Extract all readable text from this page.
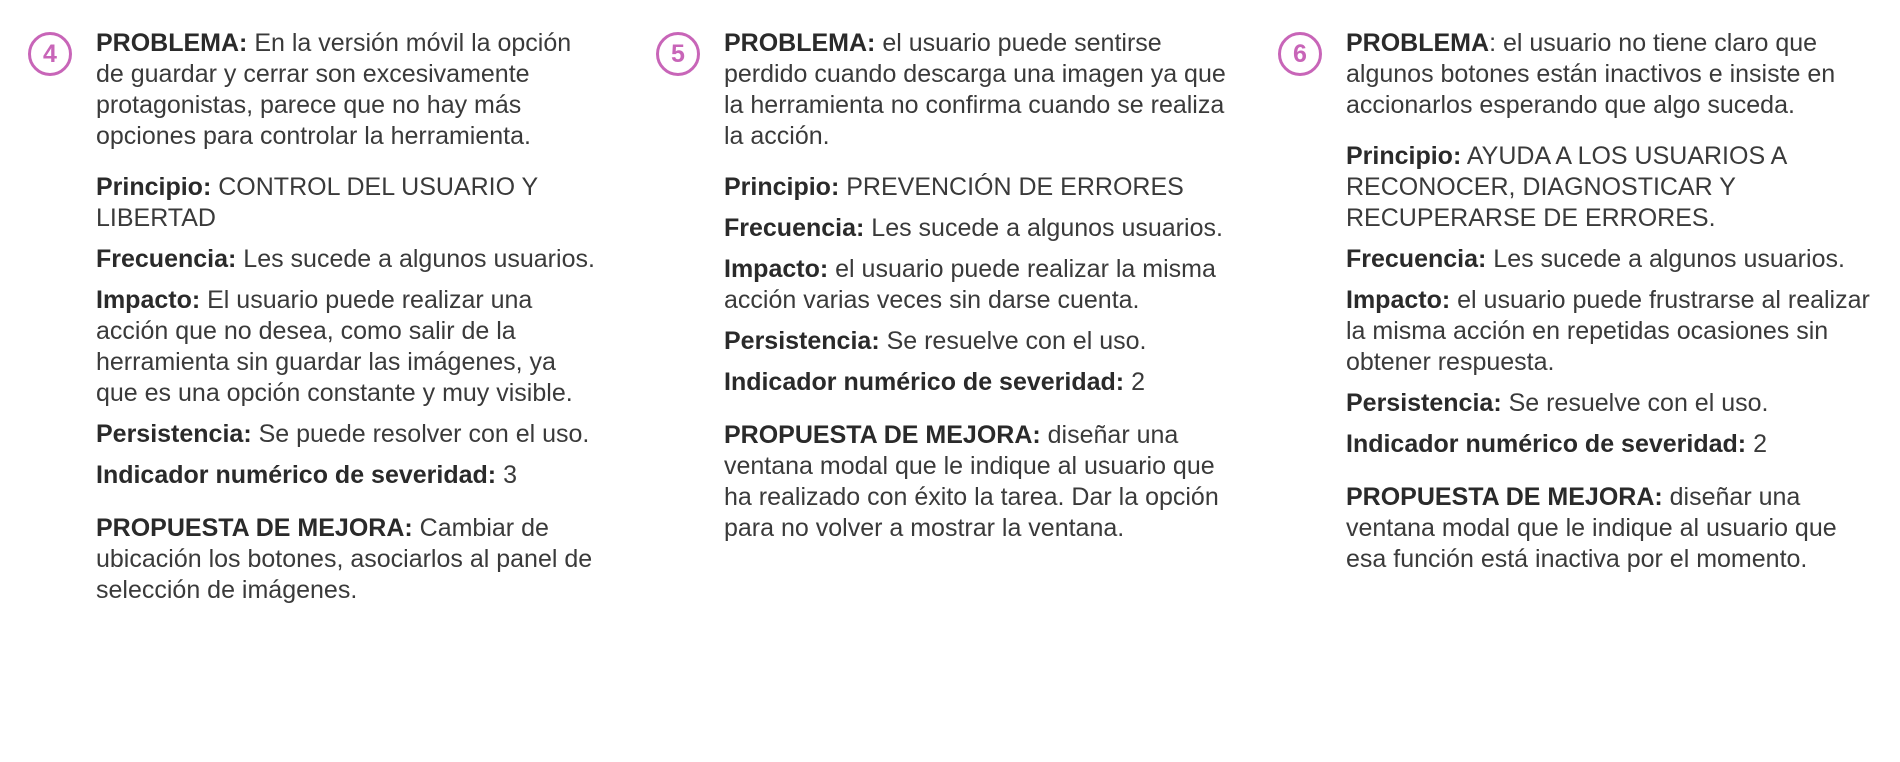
4	PROBLEMA: En la versión móvil la opción de guardar y cerrar son excesivamente protagonistas, parece que no hay más opciones para controlar la herramienta.

Principio: CONTROL DEL USUARIO Y LIBERTAD

Frecuencia: Les sucede a algunos usuarios.

Impacto: El usuario puede realizar una acción que no desea, como salir de la herramienta sin guardar las imágenes, ya que es una opción constante y muy visible.

Persistencia: Se puede resolver con el uso.

Indicador numérico de severidad: 3

PROPUESTA DE MEJORA: Cambiar de ubicación los botones, asociarlos al panel de selección de imágenes.

5	PROBLEMA: el usuario puede sentirse perdido cuando descarga una imagen ya que la herramienta no confirma cuando se realiza la acción.

Principio: PREVENCIÓN DE ERRORES

Frecuencia: Les sucede a algunos usuarios.

Impacto: el usuario puede realizar la misma acción varias veces sin darse cuenta.

Persistencia: Se resuelve con el uso.

Indicador numérico de severidad: 2

PROPUESTA DE MEJORA: diseñar una ventana modal que le indique al usuario que ha realizado con éxito la tarea. Dar la opción para no volver a mostrar la ventana.

6	PROBLEMA: el usuario no tiene claro que algunos botones están inactivos e insiste en accionarlos esperando que algo suceda.

Principio: AYUDA A LOS USUARIOS A RECONOCER, DIAGNOSTICAR Y RECUPERARSE DE ERRORES.

Frecuencia: Les sucede a algunos usuarios.

Impacto: el usuario puede frustrarse al realizar la misma acción en repetidas ocasiones sin obtener respuesta.

Persistencia: Se resuelve con el uso.

Indicador numérico de severidad: 2

PROPUESTA DE MEJORA: diseñar una ventana modal que le indique al usuario que esa función está inactiva por el momento.
